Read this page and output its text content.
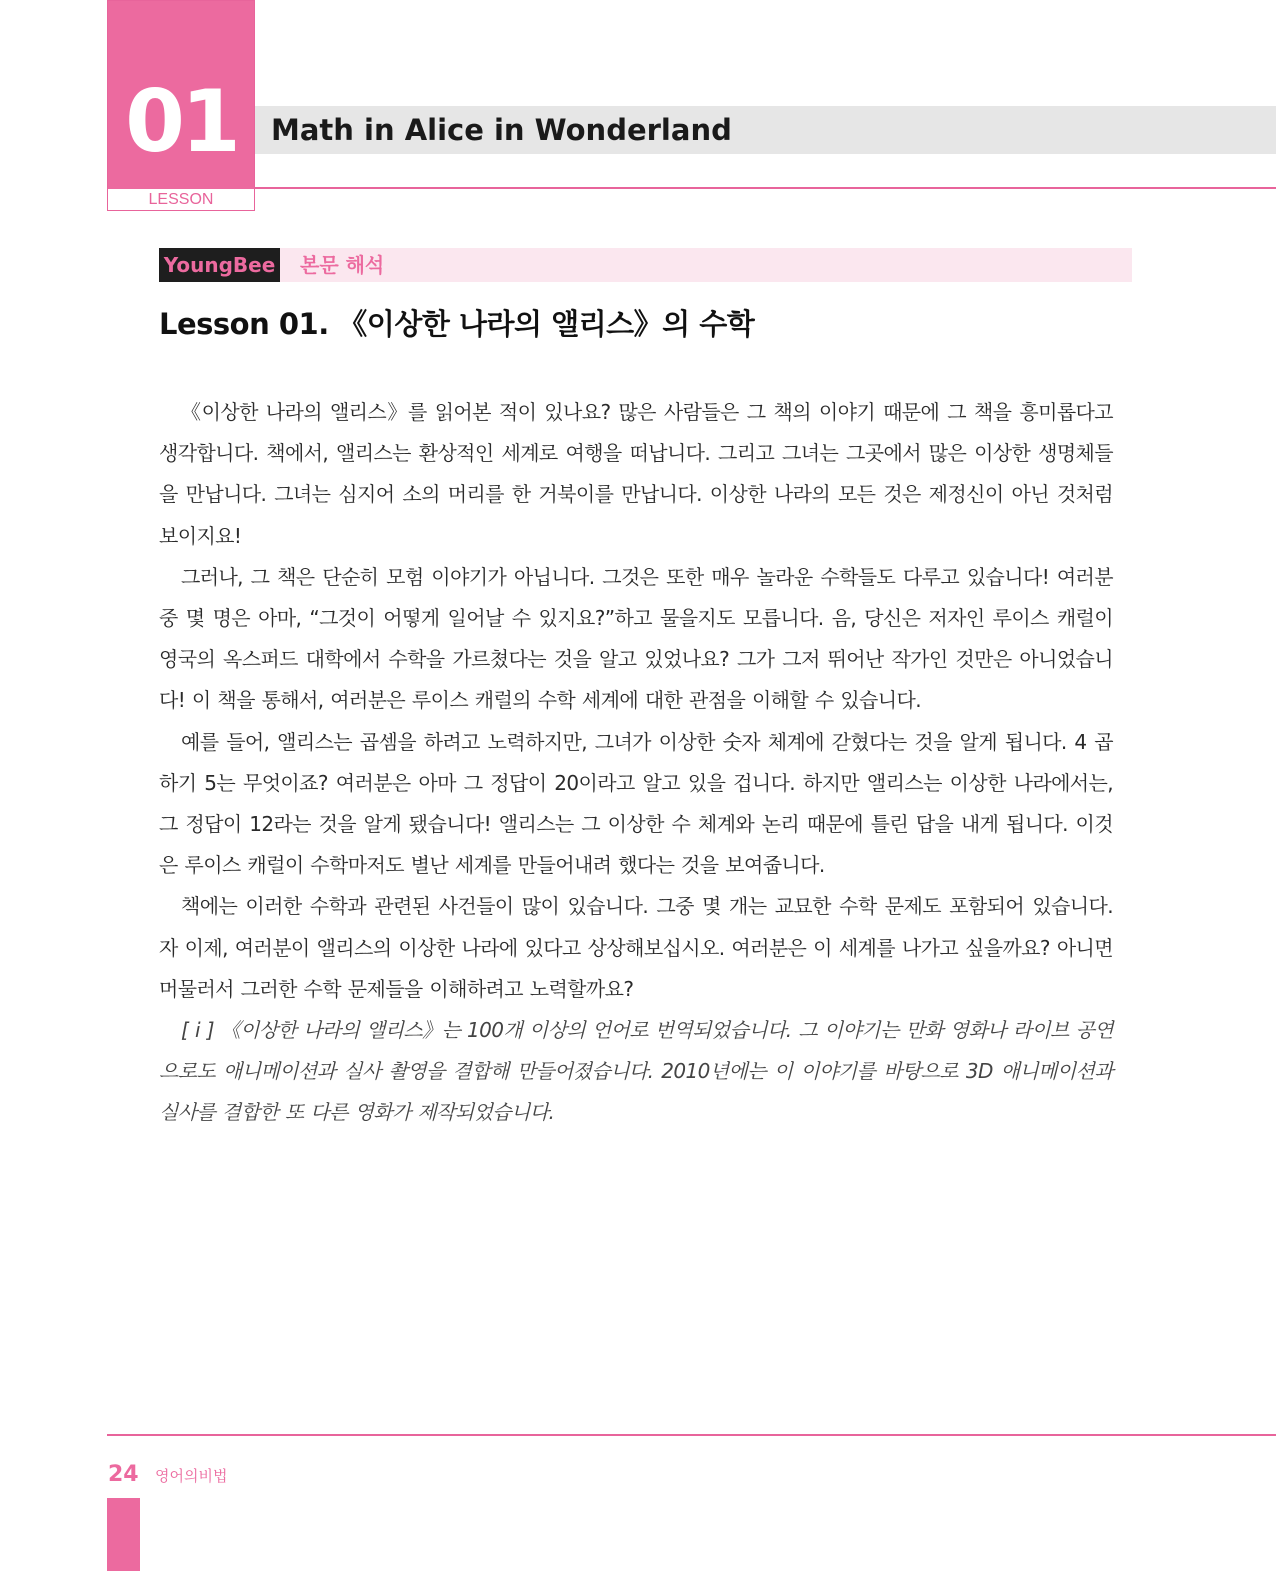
01
LESSON
Math in Alice in Wonderland
YoungBee 본문 해석
Lesson 01. 《이상한 나라의 앨리스》의 수학

《이상한 나라의 앨리스》를 읽어본 적이 있나요? 많은 사람들은 그 책의 이야기 때문에 그 책을 흥미롭다고 생각합니다. 책에서, 앨리스는 환상적인 세계로 여행을 떠납니다. 그리고 그녀는 그곳에서 많은 이상한 생명체들을 만납니다. 그녀는 심지어 소의 머리를 한 거북이를 만납니다. 이상한 나라의 모든 것은 제정신이 아닌 것처럼 보이지요!

그러나, 그 책은 단순히 모험 이야기가 아닙니다. 그것은 또한 매우 놀라운 수학들도 다루고 있습니다! 여러분 중 몇 명은 아마, “그것이 어떻게 일어날 수 있지요?”하고 물을지도 모릅니다. 음, 당신은 저자인 루이스 캐럴이 영국의 옥스퍼드 대학에서 수학을 가르쳤다는 것을 알고 있었나요? 그가 그저 뛰어난 작가인 것만은 아니었습니다! 이 책을 통해서, 여러분은 루이스 캐럴의 수학 세계에 대한 관점을 이해할 수 있습니다.

예를 들어, 앨리스는 곱셈을 하려고 노력하지만, 그녀가 이상한 숫자 체계에 갇혔다는 것을 알게 됩니다. 4 곱하기 5는 무엇이죠? 여러분은 아마 그 정답이 20이라고 알고 있을 겁니다. 하지만 앨리스는 이상한 나라에서는, 그 정답이 12라는 것을 알게 됐습니다! 앨리스는 그 이상한 수 체계와 논리 때문에 틀린 답을 내게 됩니다. 이것은 루이스 캐럴이 수학마저도 별난 세계를 만들어내려 했다는 것을 보여줍니다.

책에는 이러한 수학과 관련된 사건들이 많이 있습니다. 그중 몇 개는 교묘한 수학 문제도 포함되어 있습니다. 자 이제, 여러분이 앨리스의 이상한 나라에 있다고 상상해보십시오. 여러분은 이 세계를 나가고 싶을까요? 아니면 머물러서 그러한 수학 문제들을 이해하려고 노력할까요?

[ i ] 《이상한 나라의 앨리스》는 100개 이상의 언어로 번역되었습니다. 그 이야기는 만화 영화나 라이브 공연으로도 애니메이션과 실사 촬영을 결합해 만들어졌습니다. 2010년에는 이 이야기를 바탕으로 3D 애니메이션과 실사를 결합한 또 다른 영화가 제작되었습니다.

24 영어의비법
